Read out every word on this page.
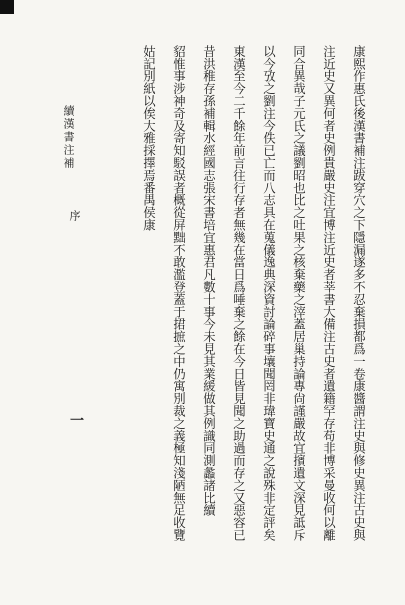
康熙作惠氏後漢書補注跋穿穴之下隱漏遂多不忍棄損都爲一卷康醬謂注史與修史異注古史與
注近史又異何者史例貴嚴史注宜博注近史者莘書大備注古史者遺籍罕存苟非博采曼收何以離
同合異哉子元氏之議劉昭也比之吐果之核棄藥之滓蓋居巢持論專尙謹嚴故宜擯遺文深見詆斥
以今攷之劉注今佚已亡而八志具在蒐儀逸典深資討論碎事壤聞罔非瑋寶史通之說殊非定評矣
東漢至今二千餘年前言往行存者無幾在當日爲唾棄之餘在今日皆見聞之助過而存之又惡容已
昔洪稚存孫補輯水經國志張宋書培宜惠君凡數十事今未見其業緩做其例識同測蠡諸比續
貂惟事涉神奇及寄知駁誤者概從屏黜不敢濫登蓋于捃摭之中仍寓別裁之義極知淺陋無足收覽
姑記別紙以俟大雅採擇焉番禺侯康
續漢書注補
序
一
